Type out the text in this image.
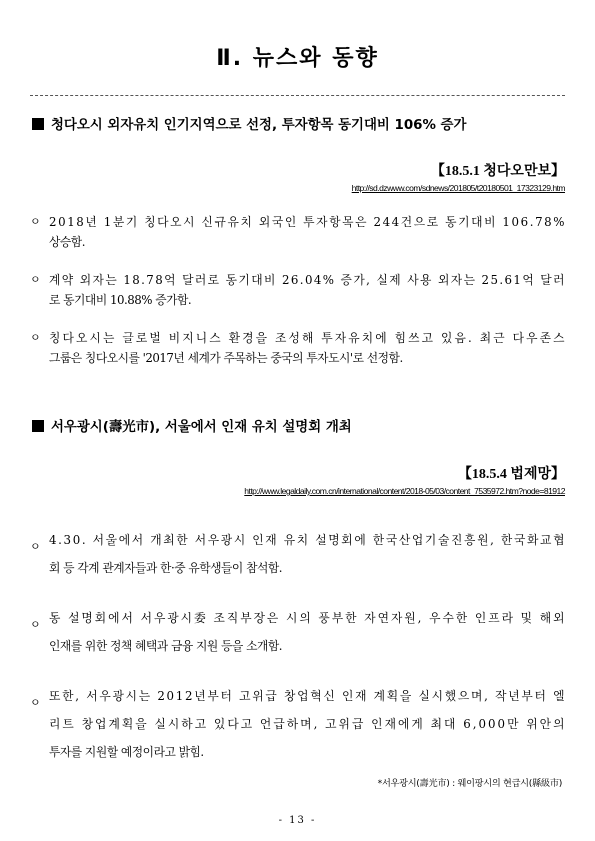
Ⅱ. 뉴스와 동향
청다오시 외자유치 인기지역으로 선정, 투자항목 동기대비 106% 증가
【18.5.1 청다오만보】
http://sd.dzwww.com/sdnews/201805/t20180501_17323129.htm
ㅇ 2018년 1분기 칭다오시 신규유치 외국인 투자항목은 244건으로 동기대비 106.78%
상승함.
ㅇ 계약 외자는 18.78억 달러로 동기대비 26.04% 증가, 실제 사용 외자는 25.61억 달러
로 동기대비 10.88% 증가함.
ㅇ 칭다오시는 글로벌 비지니스 환경을 조성해 투자유치에 힘쓰고 있음. 최근 다우존스
그룹은 칭다오시를 '2017년 세계가 주목하는 중국의 투자도시'로 선정함.
서우광시(壽光市), 서울에서 인재 유치 설명회 개최
【18.5.4 법제망】
http://www.legaldaily.com.cn/international/content/2018-05/03/content_7535972.htm?node=81912
ㅇ 4.30. 서울에서 개최한 서우광시 인재 유치 설명회에 한국산업기술진흥원, 한국화교협
회 등 각계 관계자들과 한·중 유학생들이 참석함.
ㅇ 동 설명회에서 서우광시委 조직부장은 시의 풍부한 자연자원, 우수한 인프라 및 해외
인재를 위한 정책 혜택과 금융 지원 등을 소개함.
ㅇ 또한, 서우광시는 2012년부터 고위급 창업혁신 인재 계획을 실시했으며, 작년부터 엘
리트 창업계획을 실시하고 있다고 언급하며, 고위급 인재에게 최대 6,000만 위안의
투자를 지원할 예정이라고 밝힘.
*서우광시(壽光市) : 웨이팡시의 현급시(縣級市)
- 13 -
